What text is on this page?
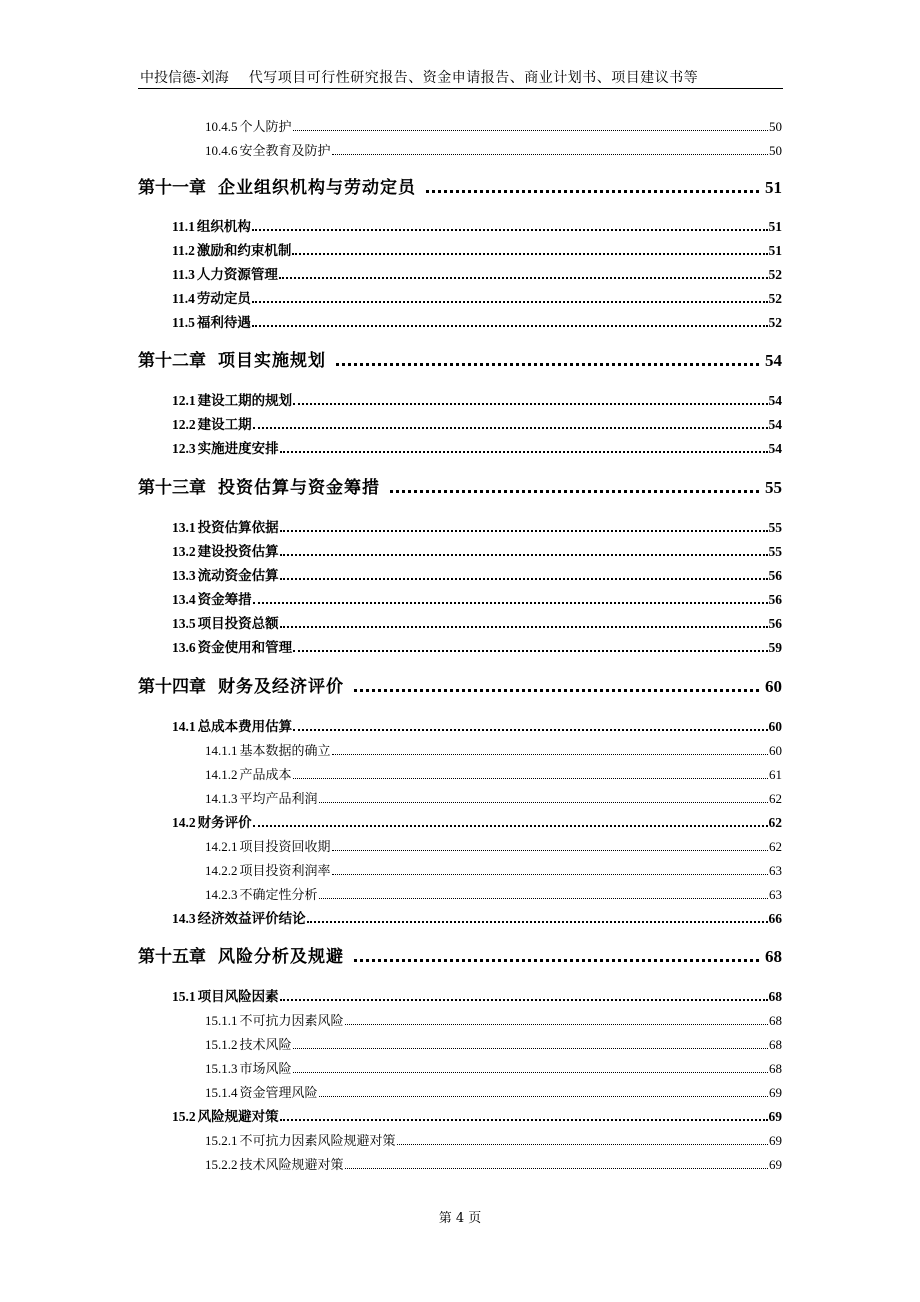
中投信德-刘海 代写项目可行性研究报告、资金申请报告、商业计划书、项目建议书等
10.4.5 个人防护	50
10.4.6 安全教育及防护	50
第十一章 企业组织机构与劳动定员	51
11.1 组织机构	51
11.2 激励和约束机制	51
11.3 人力资源管理	52
11.4 劳动定员	52
11.5 福利待遇	52
第十二章 项目实施规划	54
12.1 建设工期的规划	54
12.2 建设工期	54
12.3 实施进度安排	54
第十三章 投资估算与资金筹措	55
13.1 投资估算依据	55
13.2 建设投资估算	55
13.3 流动资金估算	56
13.4 资金筹措	56
13.5 项目投资总额	56
13.6 资金使用和管理	59
第十四章 财务及经济评价	60
14.1 总成本费用估算	60
14.1.1 基本数据的确立	60
14.1.2 产品成本	61
14.1.3 平均产品利润	62
14.2 财务评价	62
14.2.1 项目投资回收期	62
14.2.2 项目投资利润率	63
14.2.3 不确定性分析	63
14.3 经济效益评价结论	66
第十五章 风险分析及规避	68
15.1 项目风险因素	68
15.1.1 不可抗力因素风险	68
15.1.2 技术风险	68
15.1.3 市场风险	68
15.1.4 资金管理风险	69
15.2 风险规避对策	69
15.2.1 不可抗力因素风险规避对策	69
15.2.2 技术风险规避对策	69
第 4 页
